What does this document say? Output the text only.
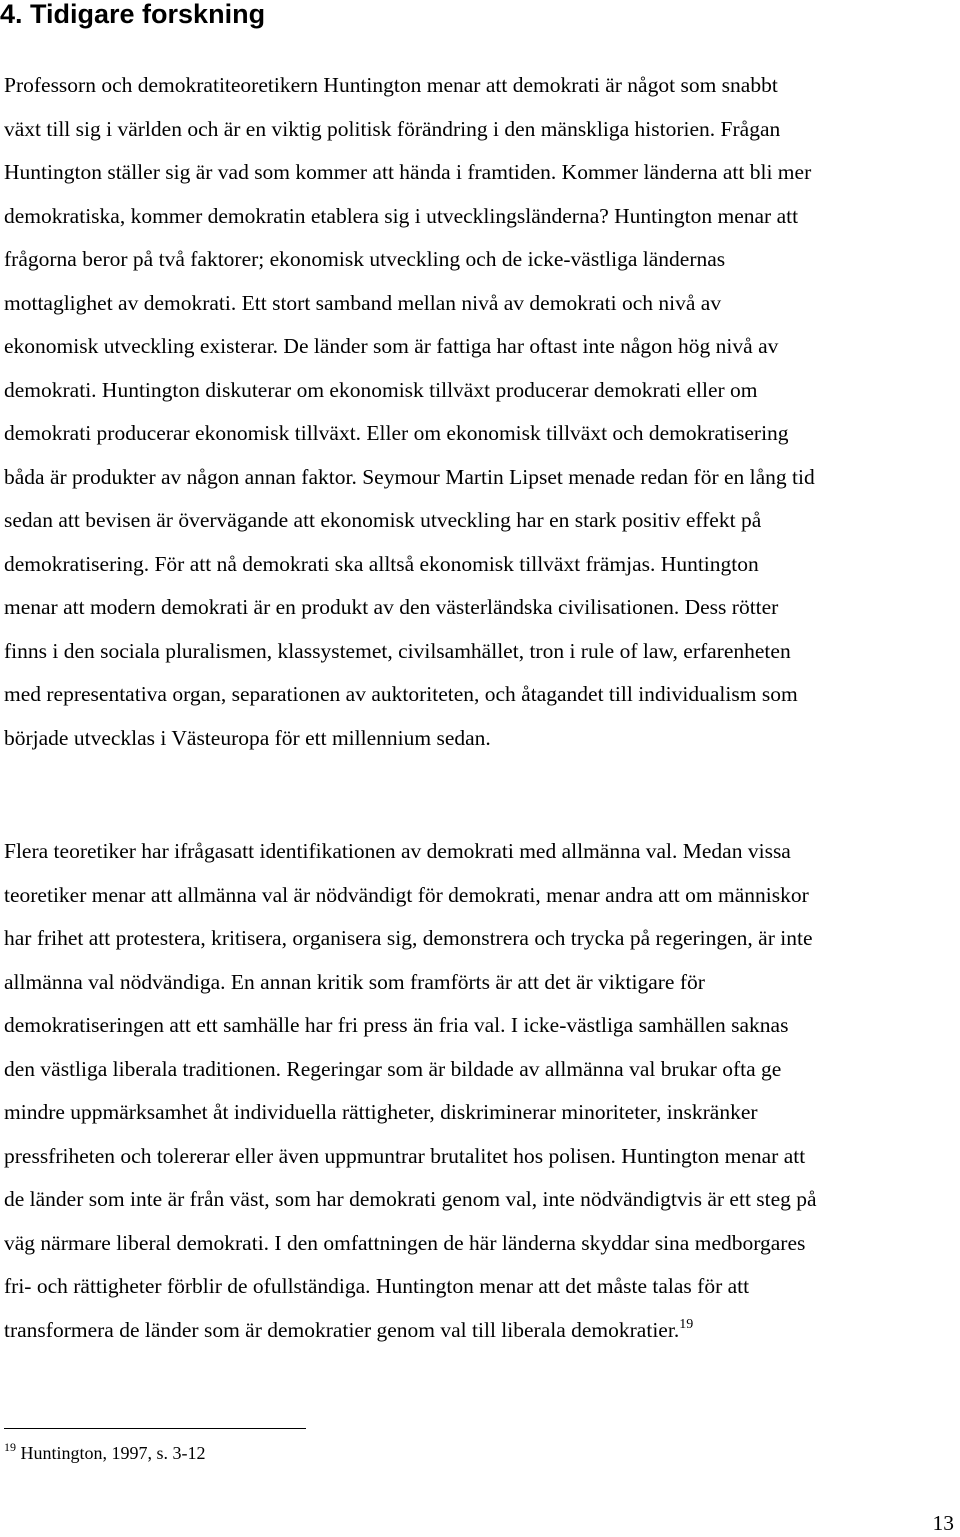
4. Tidigare forskning
Professorn och demokratiteoretikern Huntington menar att demokrati är något som snabbt
växt till sig i världen och är en viktig politisk förändring i den mänskliga historien. Frågan
Huntington ställer sig är vad som kommer att hända i framtiden. Kommer länderna att bli mer
demokratiska, kommer demokratin etablera sig i utvecklingsländerna? Huntington menar att
frågorna beror på två faktorer; ekonomisk utveckling och de icke-västliga ländernas
mottaglighet av demokrati. Ett stort samband mellan nivå av demokrati och nivå av
ekonomisk utveckling existerar. De länder som är fattiga har oftast inte någon hög nivå av
demokrati. Huntington diskuterar om ekonomisk tillväxt producerar demokrati eller om
demokrati producerar ekonomisk tillväxt. Eller om ekonomisk tillväxt och demokratisering
båda är produkter av någon annan faktor. Seymour Martin Lipset menade redan för en lång tid
sedan att bevisen är övervägande att ekonomisk utveckling har en stark positiv effekt på
demokratisering. För att nå demokrati ska alltså ekonomisk tillväxt främjas. Huntington
menar att modern demokrati är en produkt av den västerländska civilisationen. Dess rötter
finns i den sociala pluralismen, klassystemet, civilsamhället, tron i rule of law, erfarenheten
med representativa organ, separationen av auktoriteten, och åtagandet till individualism som
började utvecklas i Västeuropa för ett millennium sedan.
Flera teoretiker har ifrågasatt identifikationen av demokrati med allmänna val. Medan vissa
teoretiker menar att allmänna val är nödvändigt för demokrati, menar andra att om människor
har frihet att protestera, kritisera, organisera sig, demonstrera och trycka på regeringen, är inte
allmänna val nödvändiga. En annan kritik som framförts är att det är viktigare för
demokratiseringen att ett samhälle har fri press än fria val. I icke-västliga samhällen saknas
den västliga liberala traditionen. Regeringar som är bildade av allmänna val brukar ofta ge
mindre uppmärksamhet åt individuella rättigheter, diskriminerar minoriteter, inskränker
pressfriheten och tolererar eller även uppmuntrar brutalitet hos polisen. Huntington menar att
de länder som inte är från väst, som har demokrati genom val, inte nödvändigtvis är ett steg på
väg närmare liberal demokrati. I den omfattningen de här länderna skyddar sina medborgares
fri- och rättigheter förblir de ofullständiga. Huntington menar att det måste talas för att
transformera de länder som är demokratier genom val till liberala demokratier.$^{19}$

$^{19}$ Huntington, 1997, s. 3-12

13
